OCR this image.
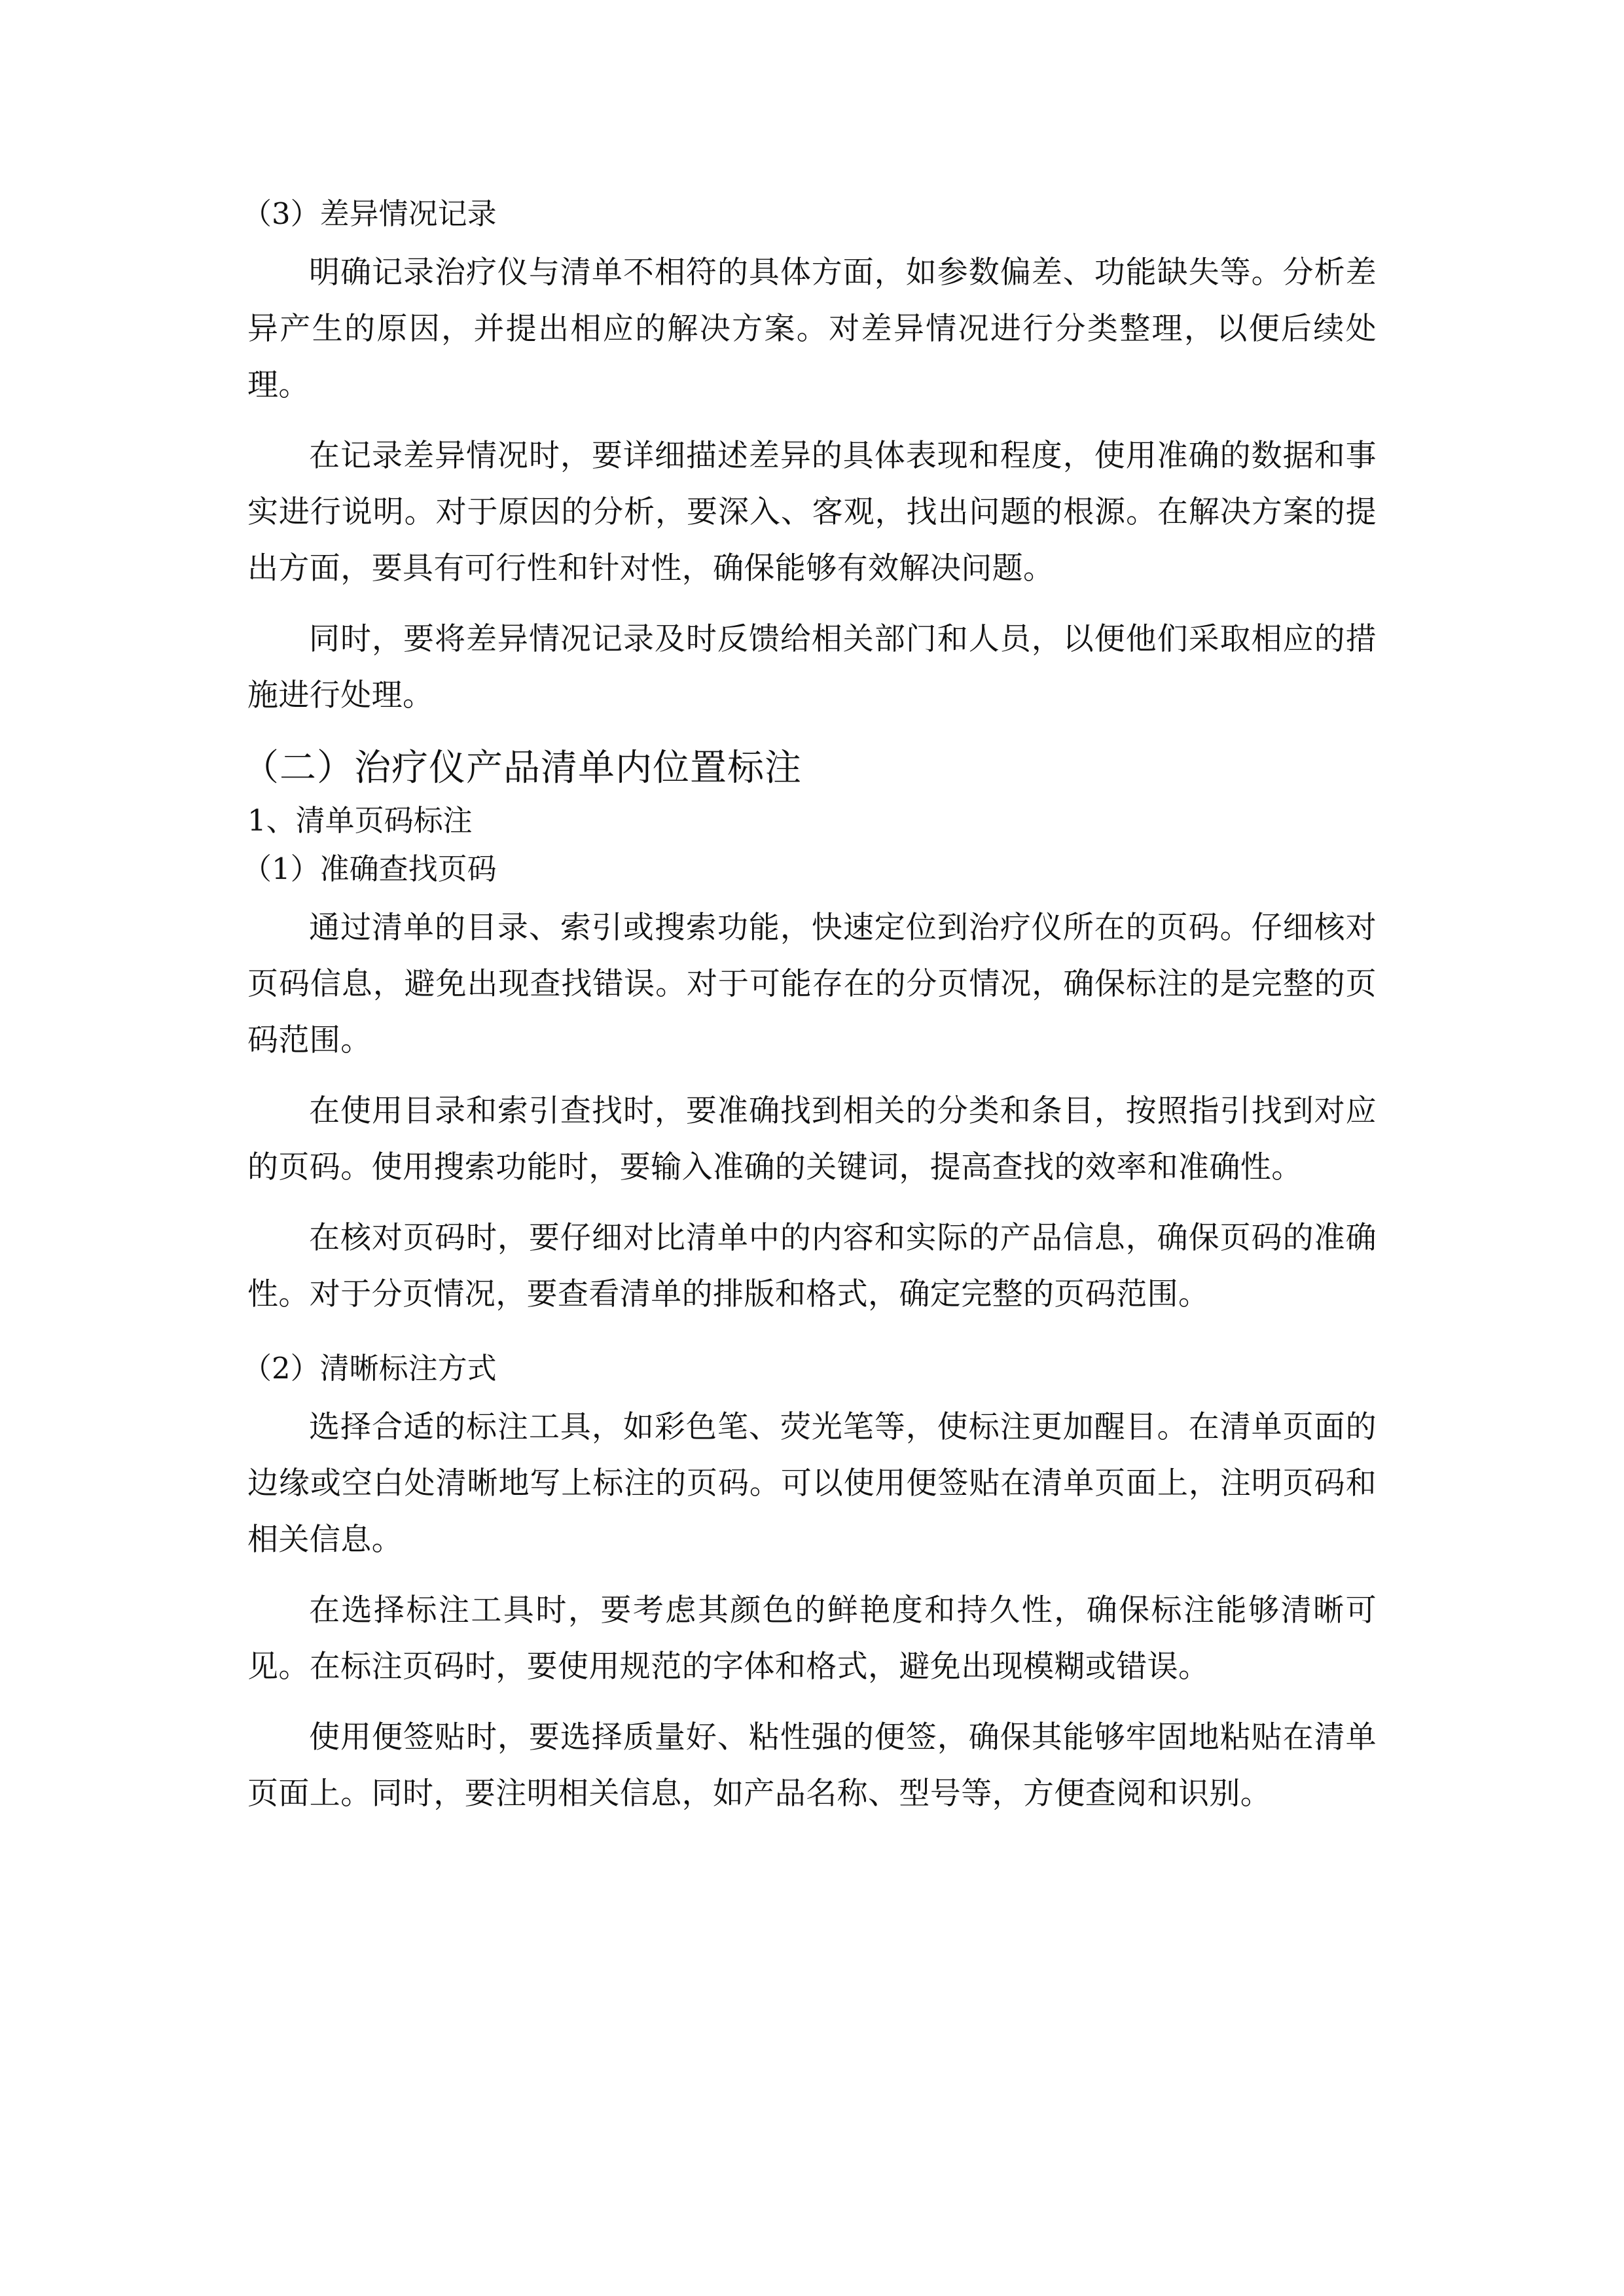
（3）差异情况记录

明确记录治疗仪与清单不相符的具体方面，如参数偏差、功能缺失等。分析差异产生的原因，并提出相应的解决方案。对差异情况进行分类整理，以便后续处理。

在记录差异情况时，要详细描述差异的具体表现和程度，使用准确的数据和事实进行说明。对于原因的分析，要深入、客观，找出问题的根源。在解决方案的提出方面，要具有可行性和针对性，确保能够有效解决问题。

同时，要将差异情况记录及时反馈给相关部门和人员，以便他们采取相应的措施进行处理。

（二）治疗仪产品清单内位置标注
1、清单页码标注
（1）准确查找页码

通过清单的目录、索引或搜索功能，快速定位到治疗仪所在的页码。仔细核对页码信息，避免出现查找错误。对于可能存在的分页情况，确保标注的是完整的页码范围。

在使用目录和索引查找时，要准确找到相关的分类和条目，按照指引找到对应的页码。使用搜索功能时，要输入准确的关键词，提高查找的效率和准确性。

在核对页码时，要仔细对比清单中的内容和实际的产品信息，确保页码的准确性。对于分页情况，要查看清单的排版和格式，确定完整的页码范围。

（2）清晰标注方式

选择合适的标注工具，如彩色笔、荧光笔等，使标注更加醒目。在清单页面的边缘或空白处清晰地写上标注的页码。可以使用便签贴在清单页面上，注明页码和相关信息。

在选择标注工具时，要考虑其颜色的鲜艳度和持久性，确保标注能够清晰可见。在标注页码时，要使用规范的字体和格式，避免出现模糊或错误。

使用便签贴时，要选择质量好、粘性强的便签，确保其能够牢固地粘贴在清单页面上。同时，要注明相关信息，如产品名称、型号等，方便查阅和识别。
